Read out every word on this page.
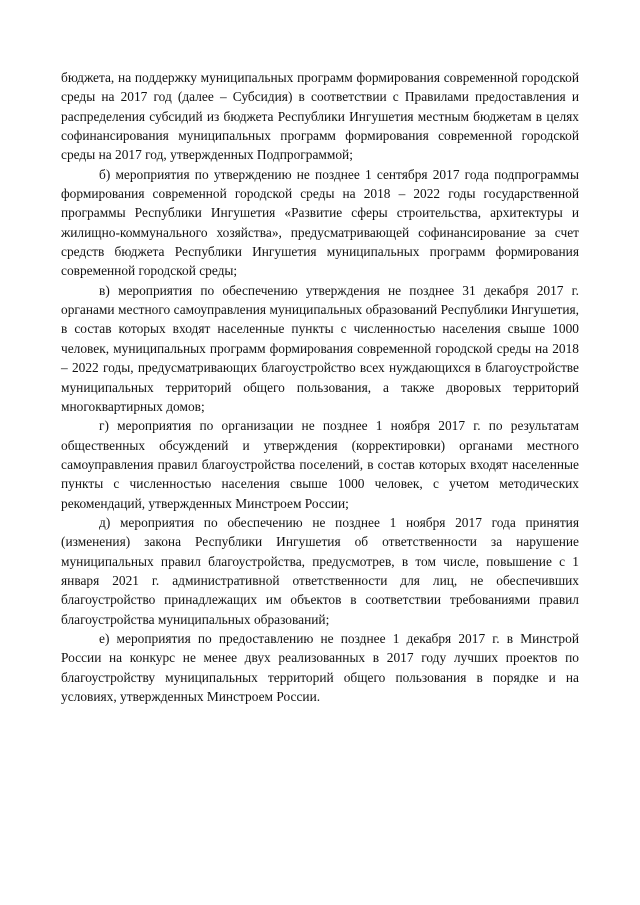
бюджета, на поддержку муниципальных программ формирования современной городской среды на 2017 год (далее – Субсидия) в соответствии с Правилами предоставления и распределения субсидий из бюджета Республики Ингушетия местным бюджетам в целях софинансирования муниципальных программ формирования современной городской среды на 2017 год, утвержденных Подпрограммой;

б) мероприятия по утверждению не позднее 1 сентября 2017 года подпрограммы формирования современной городской среды на 2018 – 2022 годы государственной программы Республики Ингушетия «Развитие сферы строительства, архитектуры и жилищно-коммунального хозяйства», предусматривающей софинансирование за счет средств бюджета Республики Ингушетия муниципальных программ формирования современной городской среды;

в) мероприятия по обеспечению утверждения не позднее 31 декабря 2017 г. органами местного самоуправления муниципальных образований Республики Ингушетия, в состав которых входят населенные пункты с численностью населения свыше 1000 человек, муниципальных программ формирования современной городской среды на 2018 – 2022 годы, предусматривающих благоустройство всех нуждающихся в благоустройстве муниципальных территорий общего пользования, а также дворовых территорий многоквартирных домов;

г) мероприятия по организации не позднее 1 ноября 2017 г. по результатам общественных обсуждений и утверждения (корректировки) органами местного самоуправления правил благоустройства поселений, в состав которых входят населенные пункты с численностью населения свыше 1000 человек, с учетом методических рекомендаций, утвержденных Минстроем России;

д) мероприятия по обеспечению не позднее 1 ноября 2017 года принятия (изменения) закона Республики Ингушетия об ответственности за нарушение муниципальных правил благоустройства, предусмотрев, в том числе, повышение с 1 января 2021 г. административной ответственности для лиц, не обеспечивших благоустройство принадлежащих им объектов в соответствии требованиями правил благоустройства муниципальных образований;

е) мероприятия по предоставлению не позднее 1 декабря 2017 г. в Минстрой России на конкурс не менее двух реализованных в 2017 году лучших проектов по благоустройству муниципальных территорий общего пользования в порядке и на условиях, утвержденных Минстроем России.
